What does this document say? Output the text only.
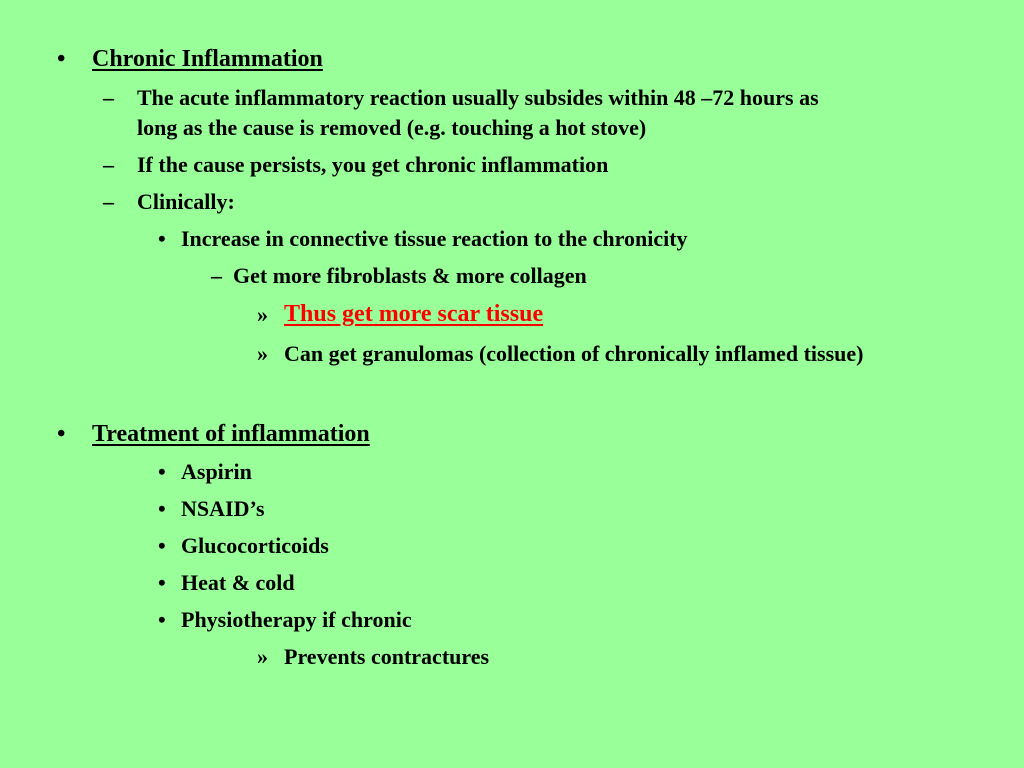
• Chronic Inflammation
– The acute inflammatory reaction usually subsides within 48 –72 hours as
long as the cause is removed (e.g. touching a hot stove)
– If the cause persists, you get chronic inflammation
– Clinically:
• Increase in connective tissue reaction to the chronicity
– Get more fibroblasts & more collagen
» Thus get more scar tissue
» Can get granulomas (collection of chronically inflamed tissue)
• Treatment of inflammation
• Aspirin
• NSAID’s
• Glucocorticoids
• Heat & cold
• Physiotherapy if chronic
» Prevents contractures
